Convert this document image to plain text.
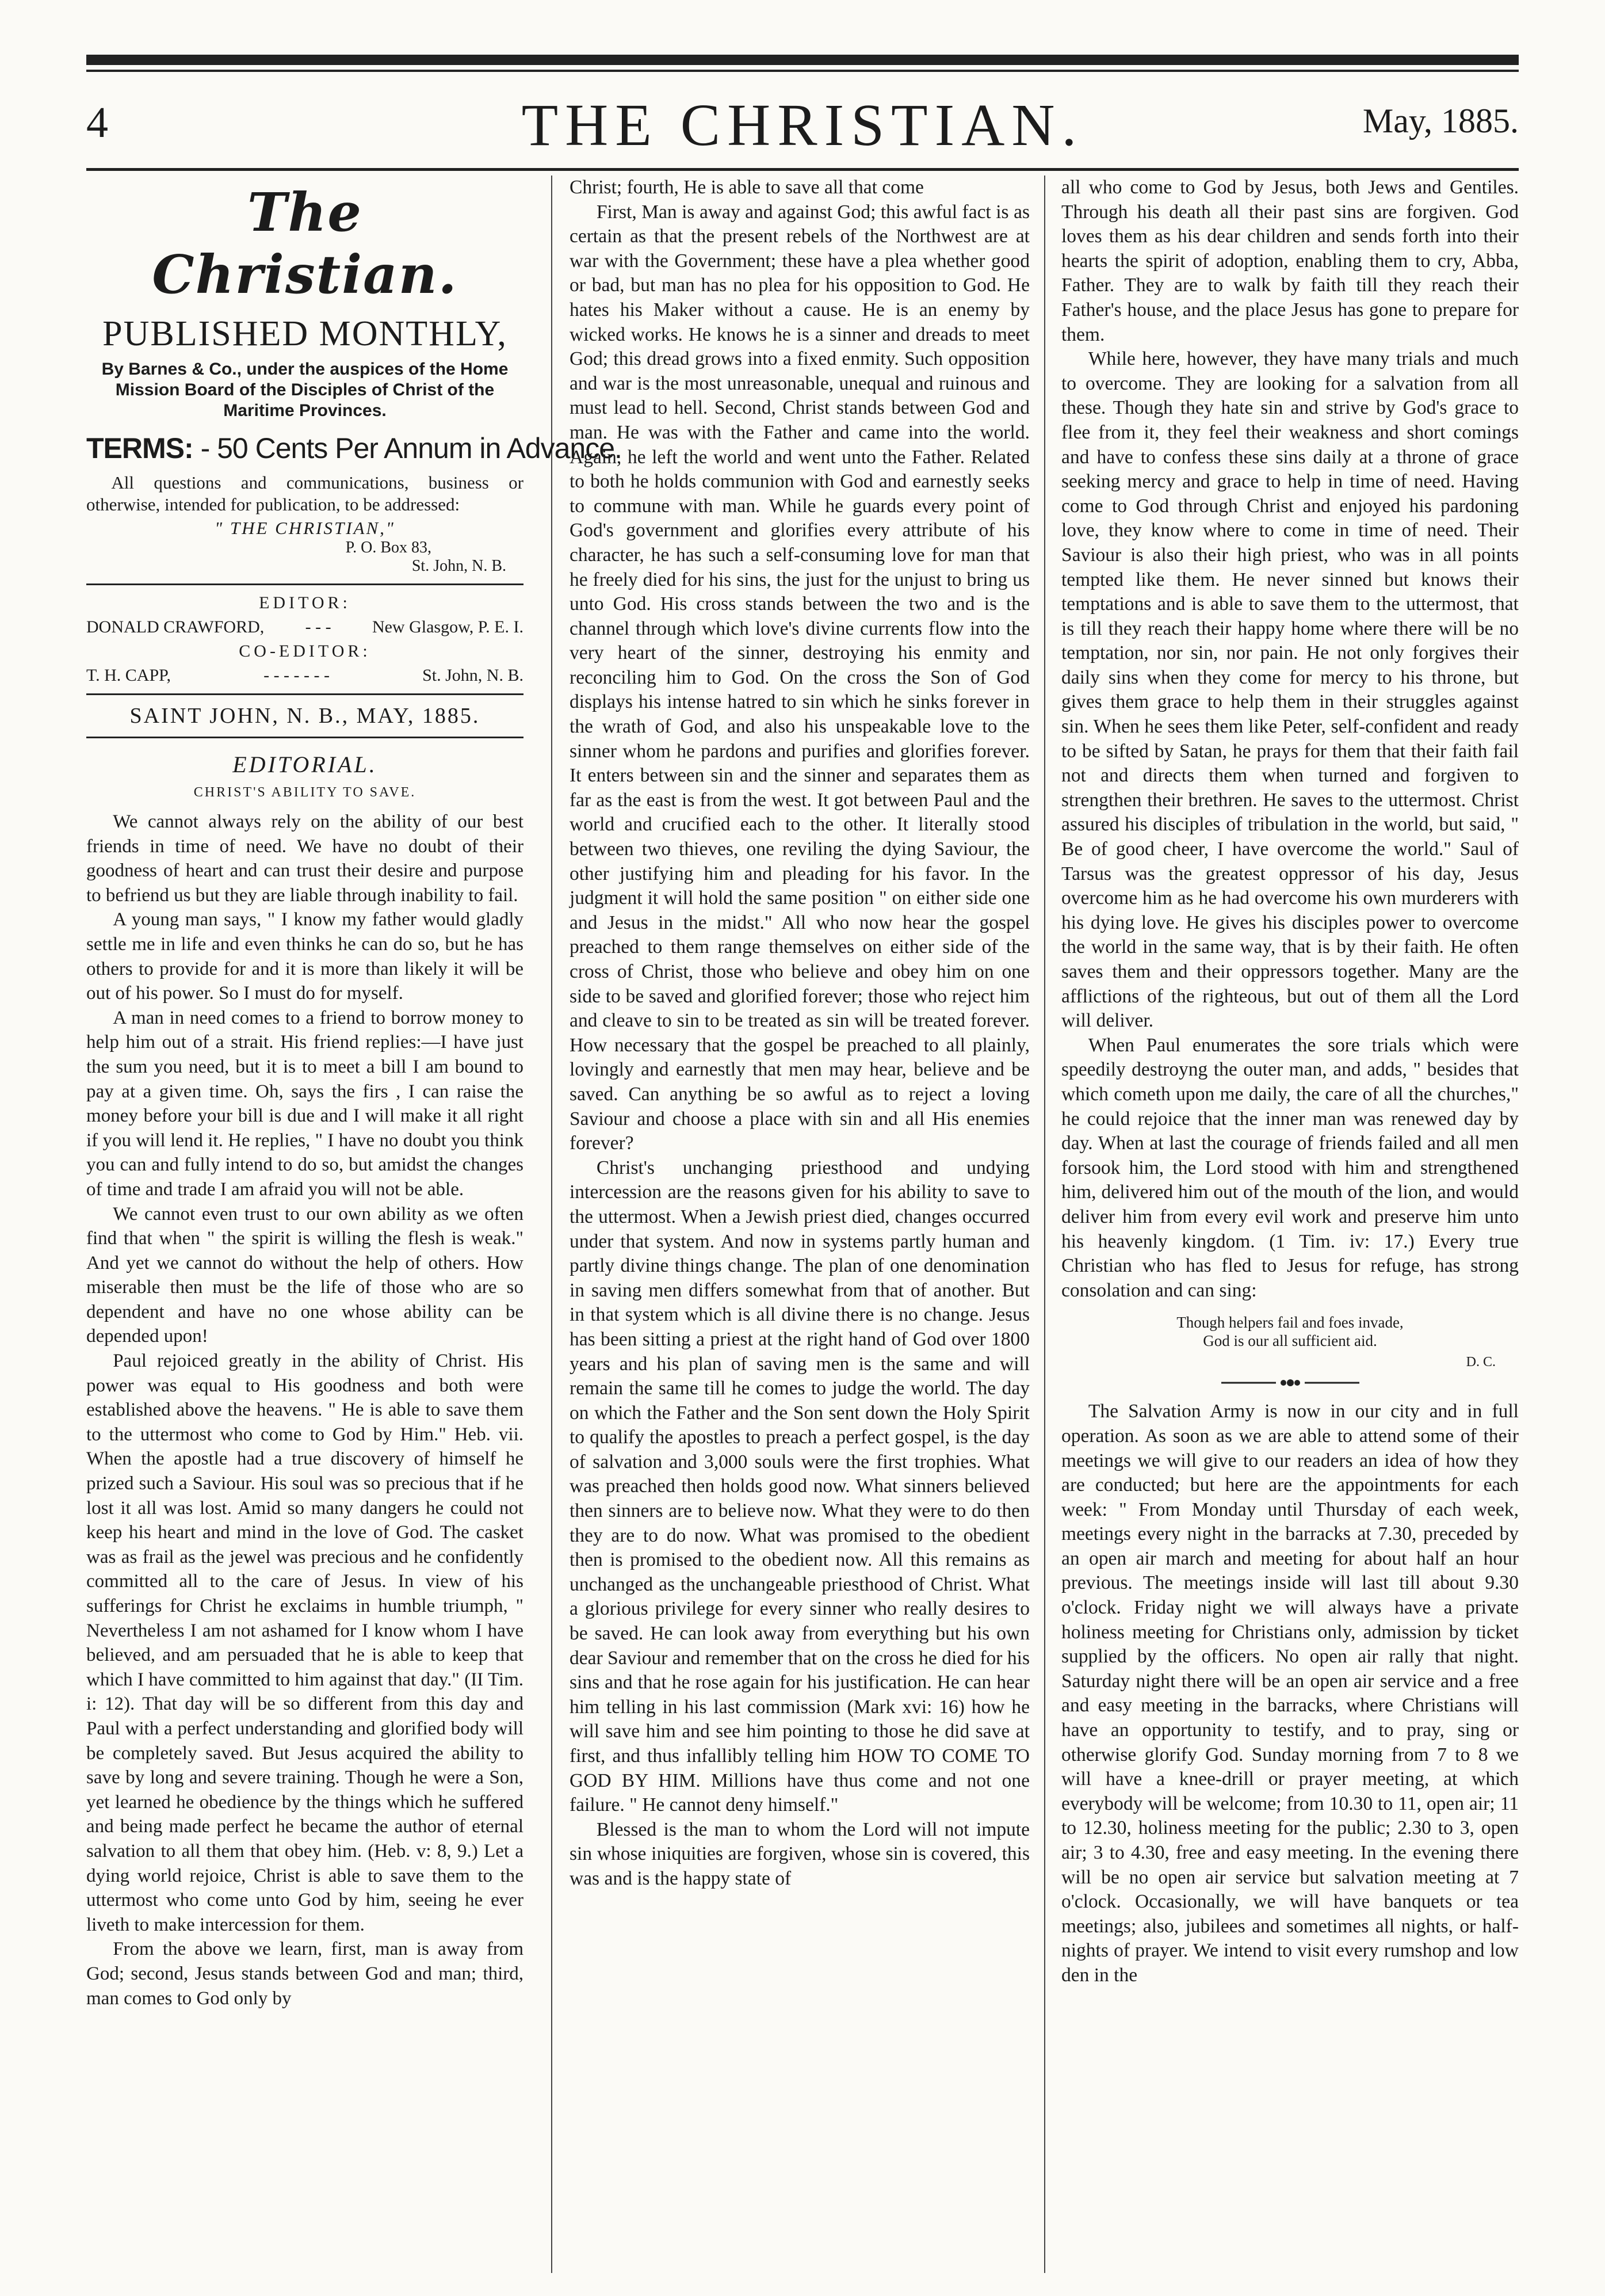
4	THE CHRISTIAN.	May, 1885.
The Christian.
PUBLISHED MONTHLY,
By Barnes & Co., under the auspices of the Home Mission Board of the Disciples of Christ of the Maritime Provinces.
TERMS: - 50 Cents Per Annum in Advance.
All questions and communications, business or otherwise, intended for publication, to be addressed:
" THE CHRISTIAN,"
P. O. Box 83,
St. John, N. B.
EDITOR:
DONALD CRAWFORD, - - - New Glasgow, P. E. I.
CO-EDITOR:
T. H. CAPP,	- - - - - - -	St. John, N. B.
SAINT JOHN, N. B., MAY, 1885.
EDITORIAL.
CHRIST'S ABILITY TO SAVE.

We cannot always rely on the ability of our best friends in time of need. We have no doubt of their goodness of heart and can trust their desire and purpose to befriend us but they are liable through inability to fail.

A young man says, " I know my father would gladly settle me in life and even thinks he can do so, but he has others to provide for and it is more than likely it will be out of his power. So I must do for myself.

A man in need comes to a friend to borrow money to help him out of a strait. His friend replies:—I have just the sum you need, but it is to meet a bill I am bound to pay at a given time. Oh, says the firs , I can raise the money before your bill is due and I will make it all right if you will lend it. He replies, " I have no doubt you think you can and fully intend to do so, but amidst the changes of time and trade I am afraid you will not be able.

We cannot even trust to our own ability as we often find that when " the spirit is willing the flesh is weak." And yet we cannot do without the help of others. How miserable then must be the life of those who are so dependent and have no one whose ability can be depended upon!

Paul rejoiced greatly in the ability of Christ. His power was equal to His goodness and both were established above the heavens. " He is able to save them to the uttermost who come to God by Him." Heb. vii. When the apostle had a true discovery of himself he prized such a Saviour. His soul was so precious that if he lost it all was lost. Amid so many dangers he could not keep his heart and mind in the love of God. The casket was as frail as the jewel was precious and he confidently committed all to the care of Jesus. In view of his sufferings for Christ he exclaims in humble triumph, " Nevertheless I am not ashamed for I know whom I have believed, and am persuaded that he is able to keep that which I have committed to him against that day." (II Tim. i: 12). That day will be so different from this day and Paul with a perfect understanding and glorified body will be completely saved. But Jesus acquired the ability to save by long and severe training. Though he were a Son, yet learned he obedience by the things which he suffered and being made perfect he became the author of eternal salvation to all them that obey him. (Heb. v: 8, 9.) Let a dying world rejoice, Christ is able to save them to the uttermost who come unto God by him, seeing he ever liveth to make intercession for them.

From the above we learn, first, man is away from God; second, Jesus stands between God and man; third, man comes to God only by

Christ; fourth, He is able to save all that come

First, Man is away and against God; this awful fact is as certain as that the present rebels of the Northwest are at war with the Government; these have a plea whether good or bad, but man has no plea for his opposition to God. He hates his Maker without a cause. He is an enemy by wicked works. He knows he is a sinner and dreads to meet God; this dread grows into a fixed enmity. Such opposition and war is the most unreasonable, unequal and ruinous and must lead to hell. Second, Christ stands between God and man. He was with the Father and came into the world. Again, he left the world and went unto the Father. Related to both he holds communion with God and earnestly seeks to commune with man. While he guards every point of God's government and glorifies every attribute of his character, he has such a self-consuming love for man that he freely died for his sins, the just for the unjust to bring us unto God. His cross stands between the two and is the channel through which love's divine currents flow into the very heart of the sinner, destroying his enmity and reconciling him to God. On the cross the Son of God displays his intense hatred to sin which he sinks forever in the wrath of God, and also his unspeakable love to the sinner whom he pardons and purifies and glorifies forever. It enters between sin and the sinner and separates them as far as the east is from the west. It got between Paul and the world and crucified each to the other. It literally stood between two thieves, one reviling the dying Saviour, the other justifying him and pleading for his favor. In the judgment it will hold the same position " on either side one and Jesus in the midst." All who now hear the gospel preached to them range themselves on either side of the cross of Christ, those who believe and obey him on one side to be saved and glorified forever; those who reject him and cleave to sin to be treated as sin will be treated forever. How necessary that the gospel be preached to all plainly, lovingly and earnestly that men may hear, believe and be saved. Can anything be so awful as to reject a loving Saviour and choose a place with sin and all His enemies forever?

Christ's unchanging priesthood and undying intercession are the reasons given for his ability to save to the uttermost. When a Jewish priest died, changes occurred under that system. And now in systems partly human and partly divine things change. The plan of one denomination in saving men differs somewhat from that of another. But in that system which is all divine there is no change. Jesus has been sitting a priest at the right hand of God over 1800 years and his plan of saving men is the same and will remain the same till he comes to judge the world. The day on which the Father and the Son sent down the Holy Spirit to qualify the apostles to preach a perfect gospel, is the day of salvation and 3,000 souls were the first trophies. What was preached then holds good now. What sinners believed then sinners are to believe now. What they were to do then they are to do now. What was promised to the obedient then is promised to the obedient now. All this remains as unchanged as the unchangeable priesthood of Christ. What a glorious privilege for every sinner who really desires to be saved. He can look away from everything but his own dear Saviour and remember that on the cross he died for his sins and that he rose again for his justification. He can hear him telling in his last commission (Mark xvi: 16) how he will save him and see him pointing to those he did save at first, and thus infallibly telling him HOW TO COME TO GOD BY HIM. Millions have thus come and not one failure. " He cannot deny himself."

Blessed is the man to whom the Lord will not impute sin whose iniquities are forgiven, whose sin is covered, this was and is the happy state of

all who come to God by Jesus, both Jews and Gentiles. Through his death all their past sins are forgiven. God loves them as his dear children and sends forth into their hearts the spirit of adoption, enabling them to cry, Abba, Father. They are to walk by faith till they reach their Father's house, and the place Jesus has gone to prepare for them.

While here, however, they have many trials and much to overcome. They are looking for a salvation from all these. Though they hate sin and strive by God's grace to flee from it, they feel their weakness and short comings and have to confess these sins daily at a throne of grace seeking mercy and grace to help in time of need. Having come to God through Christ and enjoyed his pardoning love, they know where to come in time of need. Their Saviour is also their high priest, who was in all points tempted like them. He never sinned but knows their temptations and is able to save them to the uttermost, that is till they reach their happy home where there will be no temptation, nor sin, nor pain. He not only forgives their daily sins when they come for mercy to his throne, but gives them grace to help them in their struggles against sin. When he sees them like Peter, self-confident and ready to be sifted by Satan, he prays for them that their faith fail not and directs them when turned and forgiven to strengthen their brethren. He saves to the uttermost. Christ assured his disciples of tribulation in the world, but said, " Be of good cheer, I have overcome the world." Saul of Tarsus was the greatest oppressor of his day, Jesus overcome him as he had overcome his own murderers with his dying love. He gives his disciples power to overcome the world in the same way, that is by their faith. He often saves them and their oppressors together. Many are the afflictions of the righteous, but out of them all the Lord will deliver.

When Paul enumerates the sore trials which were speedily destroyng the outer man, and adds, " besides that which cometh upon me daily, the care of all the churches," he could rejoice that the inner man was renewed day by day. When at last the courage of friends failed and all men forsook him, the Lord stood with him and strengthened him, delivered him out of the mouth of the lion, and would deliver him from every evil work and preserve him unto his heavenly kingdom. (1 Tim. iv: 17.) Every true Christian who has fled to Jesus for refuge, has strong consolation and can sing:

Though helpers fail and foes invade,
God is our all sufficient aid.
D. C.

The Salvation Army is now in our city and in full operation. As soon as we are able to attend some of their meetings we will give to our readers an idea of how they are conducted; but here are the appointments for each week: " From Monday until Thursday of each week, meetings every night in the barracks at 7.30, preceded by an open air march and meeting for about half an hour previous. The meetings inside will last till about 9.30 o'clock. Friday night we will always have a private holiness meeting for Christians only, admission by ticket supplied by the officers. No open air rally that night. Saturday night there will be an open air service and a free and easy meeting in the barracks, where Christians will have an opportunity to testify, and to pray, sing or otherwise glorify God. Sunday morning from 7 to 8 we will have a knee-drill or prayer meeting, at which everybody will be welcome; from 10.30 to 11, open air; 11 to 12.30, holiness meeting for the public; 2.30 to 3, open air; 3 to 4.30, free and easy meeting. In the evening there will be no open air service but salvation meeting at 7 o'clock. Occasionally, we will have banquets or tea meetings; also, jubilees and sometimes all nights, or half-nights of prayer. We intend to visit every rumshop and low den in the
